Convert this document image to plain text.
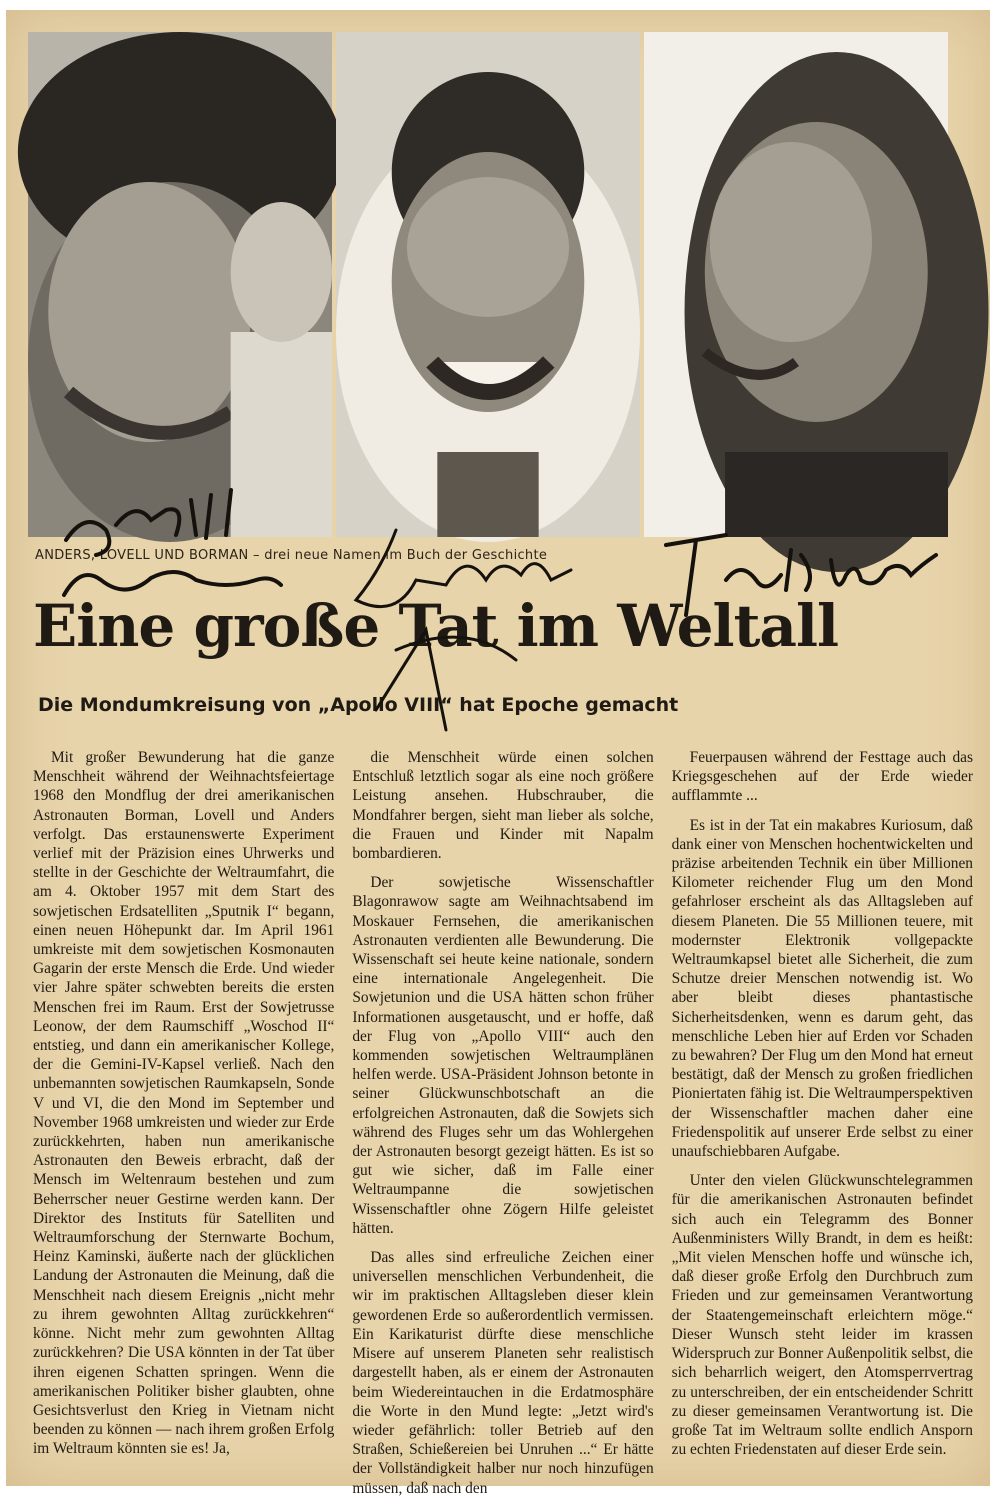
ANDERS, LOVELL UND BORMAN – drei neue Namen im Buch der Geschichte
Eine große Tat im Weltall
Die Mondumkreisung von „Apollo VIII“ hat Epoche gemacht

Mit großer Bewunderung hat die ganze Menschheit während der Weihnachtsfeiertage 1968 den Mondflug der drei amerikanischen Astronauten Borman, Lovell und Anders verfolgt. Das erstaunenswerte Experiment verlief mit der Präzision eines Uhrwerks und stellte in der Geschichte der Weltraumfahrt, die am 4. Oktober 1957 mit dem Start des sowjetischen Erdsatelliten „Sputnik I“ begann, einen neuen Höhepunkt dar. Im April 1961 umkreiste mit dem sowjetischen Kosmonauten Gagarin der erste Mensch die Erde. Und wieder vier Jahre später schwebten bereits die ersten Menschen frei im Raum. Erst der Sowjetrusse Leonow, der dem Raumschiff „Woschod II“ entstieg, und dann ein amerikanischer Kollege, der die Gemini-IV-Kapsel verließ. Nach den unbemannten sowjetischen Raumkapseln, Sonde V und VI, die den Mond im September und November 1968 umkreisten und wieder zur Erde zurückkehrten, haben nun amerikanische Astronauten den Beweis erbracht, daß der Mensch im Weltenraum bestehen und zum Beherrscher neuer Gestirne werden kann. Der Direktor des Instituts für Satelliten und Weltraumforschung der Sternwarte Bochum, Heinz Kaminski, äußerte nach der glücklichen Landung der Astronauten die Meinung, daß die Menschheit nach diesem Ereignis „nicht mehr zu ihrem gewohnten Alltag zurückkehren“ könne. Nicht mehr zum gewohnten Alltag zurückkehren? Die USA könnten in der Tat über ihren eigenen Schatten springen. Wenn die amerikanischen Politiker bisher glaubten, ohne Gesichtsverlust den Krieg in Vietnam nicht beenden zu können — nach ihrem großen Erfolg im Weltraum könnten sie es! Ja,

die Menschheit würde einen solchen Entschluß letztlich sogar als eine noch größere Leistung ansehen. Hubschrauber, die Mondfahrer bergen, sieht man lieber als solche, die Frauen und Kinder mit Napalm bombardieren.

Der sowjetische Wissenschaftler Blagonrawow sagte am Weihnachtsabend im Moskauer Fernsehen, die amerikanischen Astronauten verdienten alle Bewunderung. Die Wissenschaft sei heute keine nationale, sondern eine internationale Angelegenheit. Die Sowjetunion und die USA hätten schon früher Informationen ausgetauscht, und er hoffe, daß der Flug von „Apollo VIII“ auch den kommenden sowjetischen Weltraumplänen helfen werde. USA-Präsident Johnson betonte in seiner Glückwunschbotschaft an die erfolgreichen Astronauten, daß die Sowjets sich während des Fluges sehr um das Wohlergehen der Astronauten besorgt gezeigt hätten. Es ist so gut wie sicher, daß im Falle einer Weltraumpanne die sowjetischen Wissenschaftler ohne Zögern Hilfe geleistet hätten.

Das alles sind erfreuliche Zeichen einer universellen menschlichen Verbundenheit, die wir im praktischen Alltagsleben dieser klein gewordenen Erde so außerordentlich vermissen. Ein Karikaturist dürfte diese menschliche Misere auf unserem Planeten sehr realistisch dargestellt haben, als er einem der Astronauten beim Wiedereintauchen in die Erdatmosphäre die Worte in den Mund legte: „Jetzt wird's wieder gefährlich: toller Betrieb auf den Straßen, Schießereien bei Unruhen ...“ Er hätte der Vollständigkeit halber nur noch hinzufügen müssen, daß nach den

Feuerpausen während der Festtage auch das Kriegsgeschehen auf der Erde wieder aufflammte ...

Es ist in der Tat ein makabres Kuriosum, daß dank einer von Menschen hochentwickelten und präzise arbeitenden Technik ein über Millionen Kilometer reichender Flug um den Mond gefahrloser erscheint als das Alltagsleben auf diesem Planeten. Die 55 Millionen teuere, mit modernster Elektronik vollgepackte Weltraumkapsel bietet alle Sicherheit, die zum Schutze dreier Menschen notwendig ist. Wo aber bleibt dieses phantastische Sicherheitsdenken, wenn es darum geht, das menschliche Leben hier auf Erden vor Schaden zu bewahren? Der Flug um den Mond hat erneut bestätigt, daß der Mensch zu großen friedlichen Pioniertaten fähig ist. Die Weltraumperspektiven der Wissenschaftler machen daher eine Friedenspolitik auf unserer Erde selbst zu einer unaufschiebbaren Aufgabe.

Unter den vielen Glückwunschtelegrammen für die amerikanischen Astronauten befindet sich auch ein Telegramm des Bonner Außenministers Willy Brandt, in dem es heißt: „Mit vielen Menschen hoffe und wünsche ich, daß dieser große Erfolg den Durchbruch zum Frieden und zur gemeinsamen Verantwortung der Staatengemeinschaft erleichtern möge.“ Dieser Wunsch steht leider im krassen Widerspruch zur Bonner Außenpolitik selbst, die sich beharrlich weigert, den Atomsperrvertrag zu unterschreiben, der ein entscheidender Schritt zu dieser gemeinsamen Verantwortung ist. Die große Tat im Weltraum sollte endlich Ansporn zu echten Friedenstaten auf dieser Erde sein.
